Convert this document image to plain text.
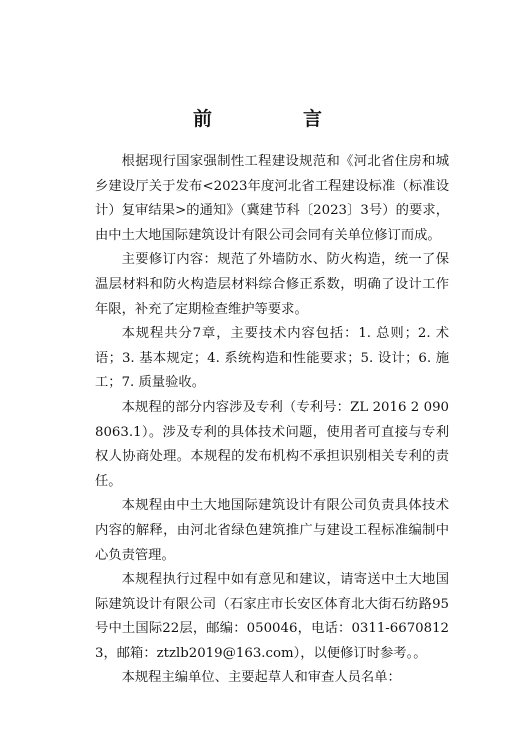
前　言

根据现行国家强制性工程建设规范和《河北省住房和城乡建设厅关于发布<2023年度河北省工程建设标准（标准设计）复审结果>的通知》（冀建节科〔2023〕3号）的要求，由中土大地国际建筑设计有限公司会同有关单位修订而成。

主要修订内容：规范了外墙防水、防火构造，统一了保温层材料和防火构造层材料综合修正系数，明确了设计工作年限，补充了定期检查维护等要求。

本规程共分7章，主要技术内容包括：1. 总则；2. 术语；3. 基本规定；4. 系统构造和性能要求；5. 设计；6. 施工；7. 质量验收。

本规程的部分内容涉及专利（专利号：ZL 2016 2 0908063.1）。涉及专利的具体技术问题，使用者可直接与专利权人协商处理。本规程的发布机构不承担识别相关专利的责任。

本规程由中土大地国际建筑设计有限公司负责具体技术内容的解释，由河北省绿色建筑推广与建设工程标准编制中心负责管理。

本规程执行过程中如有意见和建议，请寄送中土大地国际建筑设计有限公司（石家庄市长安区体育北大街石纺路95号中土国际22层，邮编：050046，电话：0311-66708123，邮箱：ztzlb2019@163.com），以便修订时参考。。

本规程主编单位、主要起草人和审查人员名单：
